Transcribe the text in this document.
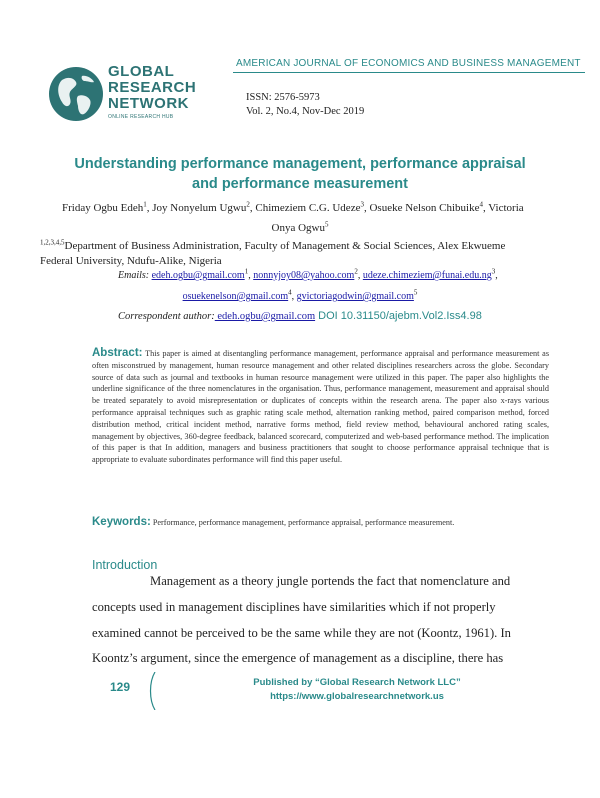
GLOBAL
RESEARCH
NETWORK
ONLINE RESEARCH HUB
AMERICAN JOURNAL OF ECONOMICS AND BUSINESS MANAGEMENT
ISSN: 2576-5973
Vol. 2, No.4, Nov-Dec 2019
Understanding performance management, performance appraisal
and performance measurement
Friday Ogbu Edeh$^1$, Joy Nonyelum Ugwu$^2$, Chimeziem C.G. Udeze$^3$, Osueke Nelson Chibuike$^4$, Victoria
Onya Ogwu$^5$
$^{1,2,3,4,5}$Department of Business Administration, Faculty of Management & Social Sciences, Alex Ekwueme
Federal University, Ndufu-Alike, Nigeria
Emails: edeh.ogbu@gmail.com$^1$, nonnyjoy08@yahoo.com$^2$, $udeze.chimeziem@funai.edu.ng^3$,
osuekenelson@gmail.com$^4$, gvictoriagodwin@gmail.com$^5$
Correspondent author: edeh.ogbu@gmail.com DOI 10.31150/ajebm.Vol2.Iss4.98
Abstract: This paper is aimed at disentangling performance management, performance appraisal and performance measurement as often misconstrued by management, human resource management and other related disciplines researchers across the globe. Secondary source of data such as journal and textbooks in human resource management were utilized in this paper. The paper also highlights the underline significance of the three nomenclatures in the organisation. Thus, performance management, measurement and appraisal should be treated separately to avoid misrepresentation or duplicates of concepts within the research arena. The paper also x-rays various performance appraisal techniques such as graphic rating scale method, alternation ranking method, paired comparison method, forced distribution method, critical incident method, narrative forms method, field review method, behavioural anchored rating scales, management by objectives, 360-degree feedback, balanced scorecard, computerized and web-based performance method. The implication of this paper is that In addition, managers and business practitioners that sought to choose performance appraisal technique that is appropriate to evaluate subordinates performance will find this paper useful.
Keywords: Performance, performance management, performance appraisal, performance measurement.
Introduction
Management as a theory jungle portends the fact that nomenclature and
concepts used in management disciplines have similarities which if not properly
examined cannot be perceived to be the same while they are not (Koontz, 1961). In
Koontz’s argument, since the emergence of management as a discipline, there has
129	Published by “Global Research Network LLC”
https://www.globalresearchnetwork.us
